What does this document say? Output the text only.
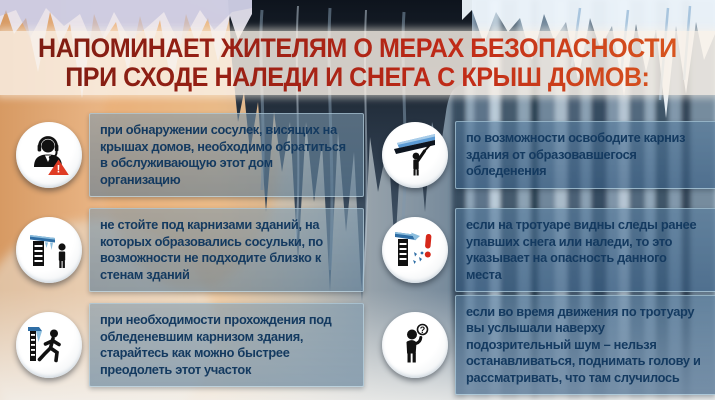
НАПОМИНАЕТ ЖИТЕЛЯМ О МЕРАХ БЕЗОПАСНОСТИ
ПРИ СХОДЕ НАЛЕДИ И СНЕГА С КРЫШ ДОМОВ:
!
при обнаружении сосулек, висящих на крышах домов, необходимо обратиться в обслуживающую этот дом организацию
не стойте под карнизами зданий, на которых образовались сосульки, по возможности не подходите близко к стенам зданий
при необходимости прохождения под обледеневшим карнизом здания, старайтесь как можно быстрее преодолеть этот участок
по возможности освободите карниз здания от образовавшегося обледенения
если на тротуаре видны следы ранее упавших снега или наледи, то это указывает на опасность данного места
?
если во время движения по тротуару вы услышали наверху подозрительный шум – нельзя останавливаться, поднимать голову и рассматривать, что там случилось
